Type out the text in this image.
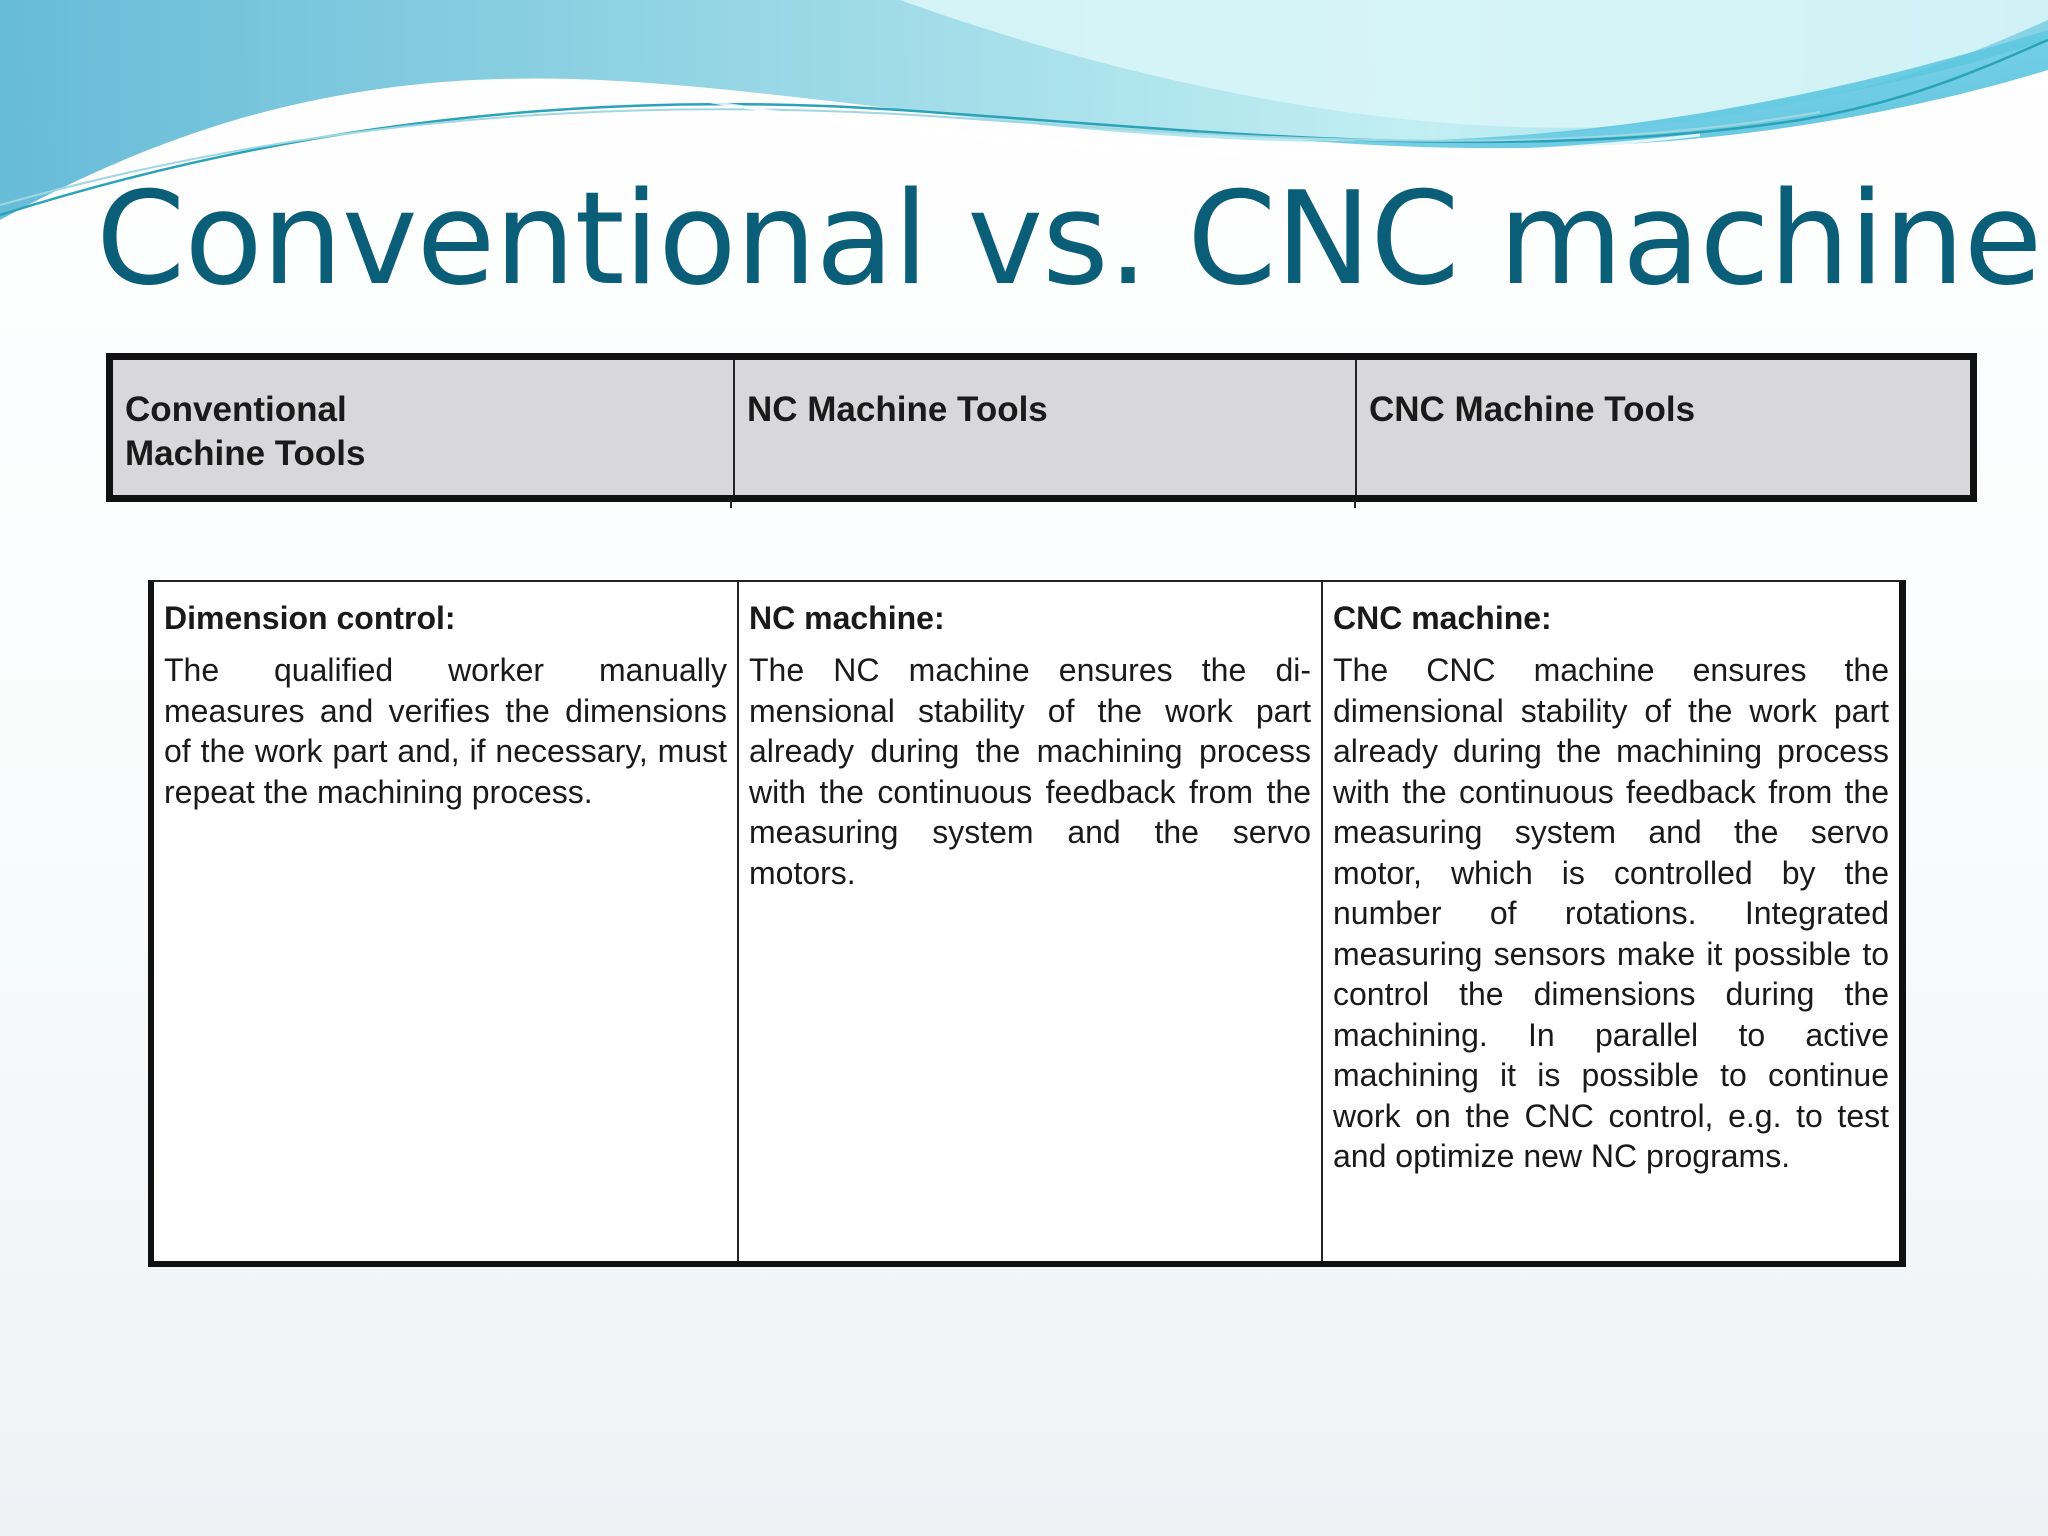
Conventional vs. CNC machine
Conventional
Machine Tools
NC Machine Tools	CNC Machine Tools

Dimension control:

The qualified worker manually measures and verifies the dimensions of the work part and, if necessary, must repeat the machining process.

NC machine:

The NC machine ensures the dimensional stability of the work part already during the machining process with the continuous feedback from the measuring system and the servo motors.

CNC machine:

The CNC machine ensures the dimensional stability of the work part already during the machining process with the continuous feedback from the measuring system and the servo motor, which is controlled by the number of rotations. Integrated measuring sensors make it possible to control the dimensions during the machining. In parallel to active machining it is possible to continue work on the CNC control, e.g. to test and optimize new NC programs.
